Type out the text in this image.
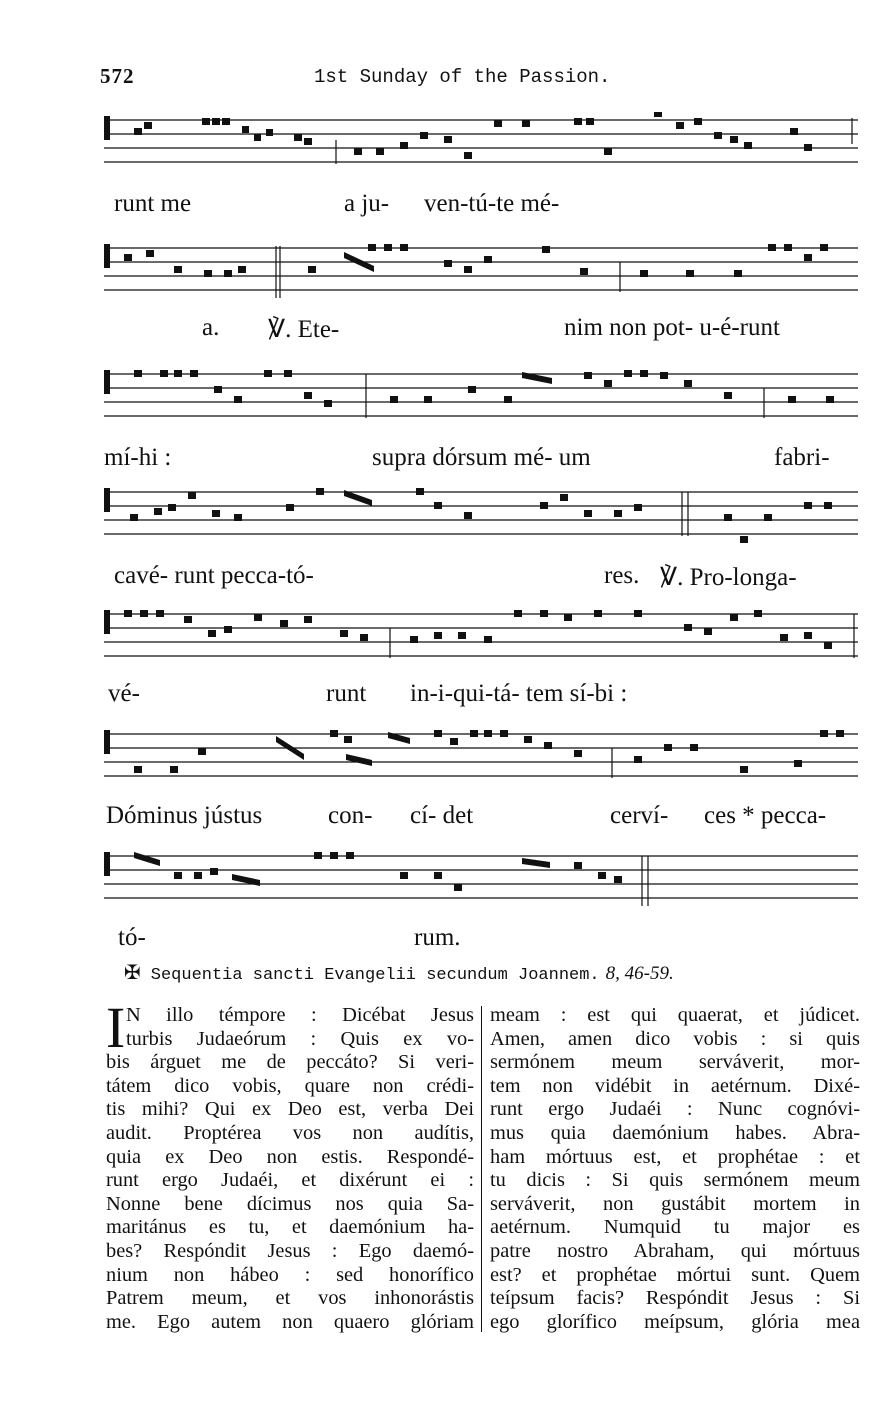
572	1st Sunday of the Passion.
runt me	a ju- ven-tú-te mé-
a. ℣. Ete-	nim non pot- u-é-runt
mí-hi :	supra dórsum mé- um	fabri-
cavé- runt pecca-tó-	res. ℣. Pro-longa-
vé-	runt in-i-qui-tá- tem sí-bi :
Dóminus jústus	con- cí- det	cerví- ces * pecca-
tó-	rum.
✠ Sequentia sancti Evangelii secundum Joannem. 8, 46-59.
I N illo témpore : Dicébat Jesus
turbis Judaeórum : Quis ex vo-
bis árguet me de peccáto? Si veri-
tátem dico vobis, quare non crédi-
tis mihi? Qui ex Deo est, verba Dei
audit. Proptérea vos non audítis,
quia ex Deo non estis. Respondé-
runt ergo Judaéi, et dixérunt ei :
Nonne bene dícimus nos quia Sa-
maritánus es tu, et daemónium ha-
bes? Respóndit Jesus : Ego daemó-
nium non hábeo : sed honorífico
Patrem meum, et vos inhonorástis
me. Ego autem non quaero glóriam
meam : est qui quaerat, et júdicet.
Amen, amen dico vobis : si quis
sermónem meum serváverit, mor-
tem non vidébit in aetérnum. Dixé-
runt ergo Judaéi : Nunc cognóvi-
mus quia daemónium habes. Abra-
ham mórtuus est, et prophétae : et
tu dicis : Si quis sermónem meum
serváverit, non gustábit mortem in
aetérnum. Numquid tu major es
patre nostro Abraham, qui mórtuus
est? et prophétae mórtui sunt. Quem
teípsum facis? Respóndit Jesus : Si
ego glorífico meípsum, glória mea
